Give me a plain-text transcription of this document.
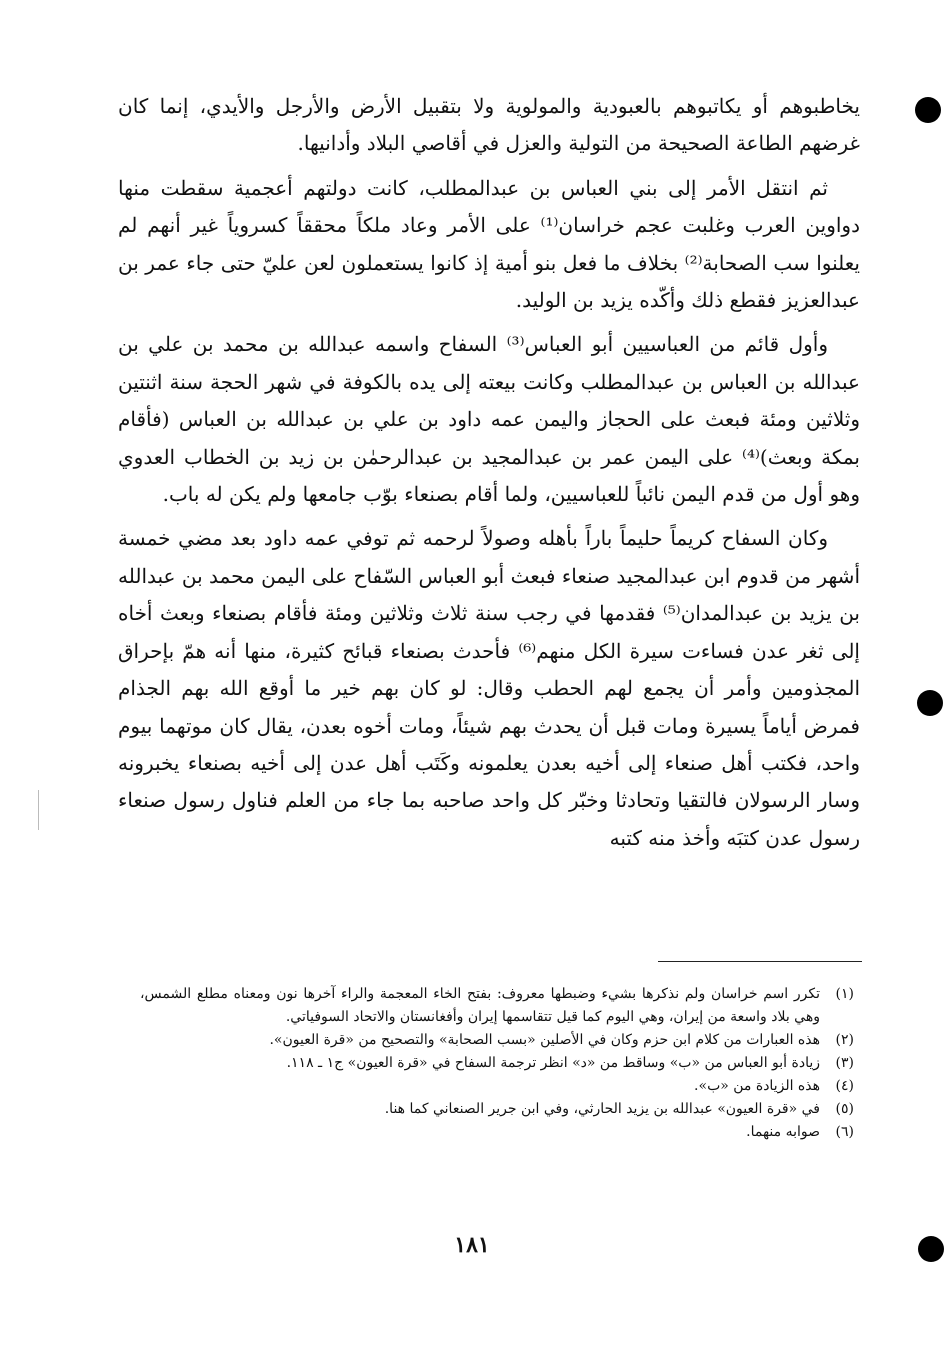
يخاطبوهم أو يكاتبوهم بالعبودية والمولوية ولا بتقبيل الأرض والأرجل والأيدي، إنما كان غرضهم الطاعة الصحيحة من التولية والعزل في أقاصي البلاد وأدانيها.

ثم انتقل الأمر إلى بني العباس بن عبدالمطلب، كانت دولتهم أعجمية سقطت منها دواوين العرب وغلبت عجم خراسان⁽¹⁾ على الأمر وعاد ملكاً محققاً كسروياً غير أنهم لم يعلنوا سب الصحابة⁽²⁾ بخلاف ما فعل بنو أمية إذ كانوا يستعملون لعن عليّ حتى جاء عمر بن عبدالعزيز فقطع ذلك وأكّده يزيد بن الوليد.

وأول قائم من العباسيين أبو العباس⁽³⁾ السفاح واسمه عبدالله بن محمد بن علي بن عبدالله بن العباس بن عبدالمطلب وكانت بيعته إلى يده بالكوفة في شهر الحجة سنة اثنتين وثلاثين ومئة فبعث على الحجاز واليمن عمه داود بن علي بن عبدالله بن العباس (فأقام بمكة وبعث)⁽⁴⁾ على اليمن عمر بن عبدالمجيد بن عبدالرحمٰن بن زيد بن الخطاب العدوي وهو أول من قدم اليمن نائباً للعباسيين، ولما أقام بصنعاء بوّب جامعها ولم يكن له باب.

وكان السفاح كريماً حليماً باراً بأهله وصولاً لرحمه ثم توفي عمه داود بعد مضي خمسة أشهر من قدوم ابن عبدالمجيد صنعاء فبعث أبو العباس السّفاح على اليمن محمد بن عبدالله بن يزيد بن عبدالمدان⁽⁵⁾ فقدمها في رجب سنة ثلاث وثلاثين ومئة فأقام بصنعاء وبعث أخاه إلى ثغر عدن فساءت سيرة الكل منهم⁽⁶⁾ فأحدث بصنعاء قبائح كثيرة، منها أنه همّ بإحراق المجذومين وأمر أن يجمع لهم الحطب وقال: لو كان بهم خير ما أوقع الله بهم الجذام فمرض أياماً يسيرة ومات قبل أن يحدث بهم شيئاً، ومات أخوه بعدن، يقال كان موتهما بيوم واحد، فكتب أهل صنعاء إلى أخيه بعدن يعلمونه وكَتَب أهل عدن إلى أخيه بصنعاء يخبرونه وسار الرسولان فالتقيا وتحادثا وخبّر كل واحد صاحبه بما جاء من العلم فناول رسول صنعاء رسول عدن كتبَه وأخذ منه كتبه

(١)
تكرر اسم خراسان ولم نذكرها بشيء وضبطها معروف: بفتح الخاء المعجمة والراء آخرها نون ومعناه مطلع الشمس، وهي بلاد واسعة من إيران، وهي اليوم كما قيل تتقاسمها إيران وأفغانستان والاتحاد السوفياتي.
(٢)
هذه العبارات من كلام ابن حزم وكان في الأصلين «بسب الصحابة» والتصحيح من «قرة العيون».
(٣)
زيادة أبو العباس من «ب» وساقط من «د» انظر ترجمة السفاح في «قرة العيون» ج١ ـ ١١٨.
(٤)
هذه الزيادة من «ب».
(٥)
في «قرة العيون» عبدالله بن يزيد الحارثي، وفي ابن جرير الصنعاني كما هنا.
(٦)
صوابه منهما.
١٨١
